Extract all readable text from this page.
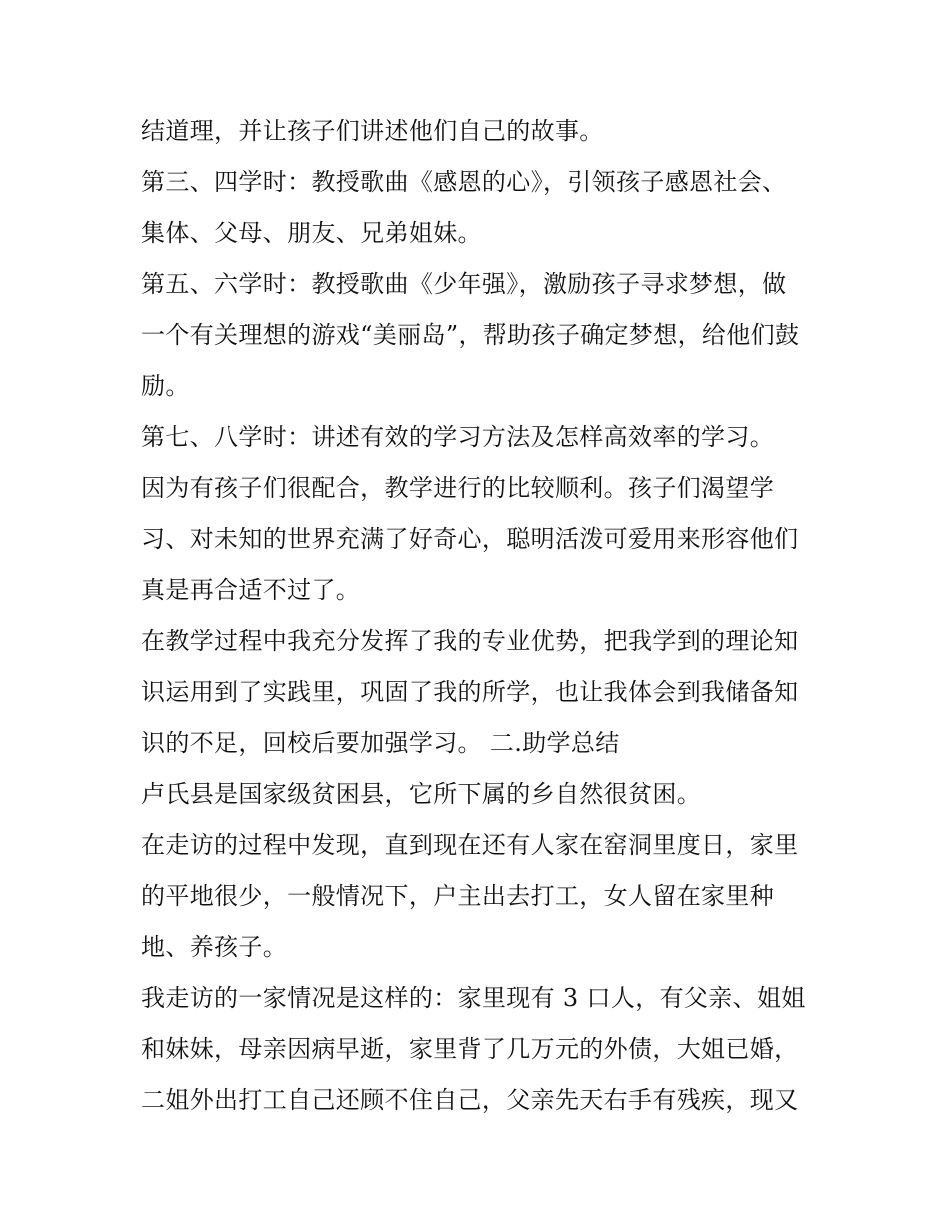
结道理，并让孩子们讲述他们自己的故事。
第三、四学时：教授歌曲《感恩的心》，引领孩子感恩社会、
集体、父母、朋友、兄弟姐妹。
第五、六学时：教授歌曲《少年强》，激励孩子寻求梦想，做
一个有关理想的游戏“美丽岛”，帮助孩子确定梦想，给他们鼓
励。
第七、八学时：讲述有效的学习方法及怎样高效率的学习。
因为有孩子们很配合，教学进行的比较顺利。孩子们渴望学
习、对未知的世界充满了好奇心，聪明活泼可爱用来形容他们
真是再合适不过了。
在教学过程中我充分发挥了我的专业优势，把我学到的理论知
识运用到了实践里，巩固了我的所学，也让我体会到我储备知
识的不足，回校后要加强学习。 二.助学总结
卢氏县是国家级贫困县，它所下属的乡自然很贫困。
在走访的过程中发现，直到现在还有人家在窑洞里度日，家里
的平地很少，一般情况下，户主出去打工，女人留在家里种
地、养孩子。
我走访的一家情况是这样的：家里现有 3 口人，有父亲、姐姐
和妹妹，母亲因病早逝，家里背了几万元的外债，大姐已婚，
二姐外出打工自己还顾不住自己，父亲先天右手有残疾，现又
